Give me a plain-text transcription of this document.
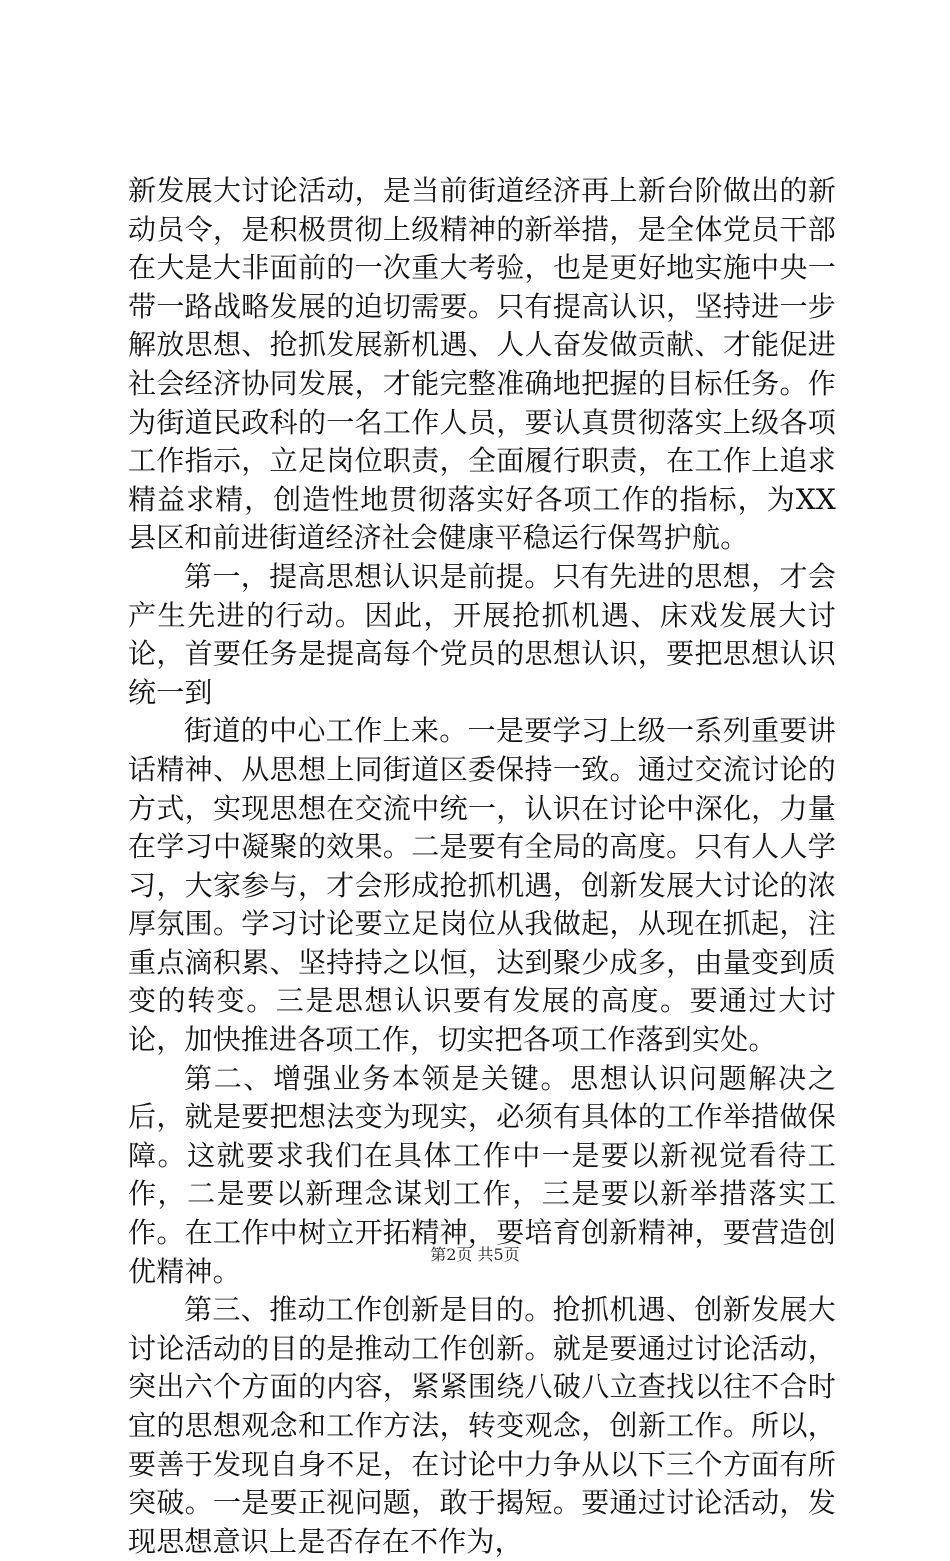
新发展大讨论活动，是当前街道经济再上新台阶做出的新动员令，是积极贯彻上级精神的新举措，是全体党员干部在大是大非面前的一次重大考验，也是更好地实施中央一带一路战略发展的迫切需要。只有提高认识，坚持进一步解放思想、抢抓发展新机遇、人人奋发做贡献、才能促进社会经济协同发展，才能完整准确地把握的目标任务。作为街道民政科的一名工作人员，要认真贯彻落实上级各项工作指示，立足岗位职责，全面履行职责，在工作上追求精益求精，创造性地贯彻落实好各项工作的指标，为XX县区和前进街道经济社会健康平稳运行保驾护航。

第一，提高思想认识是前提。只有先进的思想，才会产生先进的行动。因此，开展抢抓机遇、床戏发展大讨论，首要任务是提高每个党员的思想认识，要把思想认识统一到

街道的中心工作上来。一是要学习上级一系列重要讲话精神、从思想上同街道区委保持一致。通过交流讨论的方式，实现思想在交流中统一，认识在讨论中深化，力量在学习中凝聚的效果。二是要有全局的高度。只有人人学习，大家参与，才会形成抢抓机遇，创新发展大讨论的浓厚氛围。学习讨论要立足岗位从我做起，从现在抓起，注重点滴积累、坚持持之以恒，达到聚少成多，由量变到质变的转变。三是思想认识要有发展的高度。要通过大讨论，加快推进各项工作，切实把各项工作落到实处。

第二、增强业务本领是关键。思想认识问题解决之后，就是要把想法变为现实，必须有具体的工作举措做保障。这就要求我们在具体工作中一是要以新视觉看待工作，二是要以新理念谋划工作，三是要以新举措落实工作。在工作中树立开拓精神，要培育创新精神，要营造创优精神。

第三、推动工作创新是目的。抢抓机遇、创新发展大讨论活动的目的是推动工作创新。就是要通过讨论活动，突出六个方面的内容，紧紧围绕八破八立查找以往不合时宜的思想观念和工作方法，转变观念，创新工作。所以，要善于发现自身不足，在讨论中力争从以下三个方面有所突破。一是要正视问题，敢于揭短。要通过讨论活动，发现思想意识上是否存在不作为，

第2页 共5页
